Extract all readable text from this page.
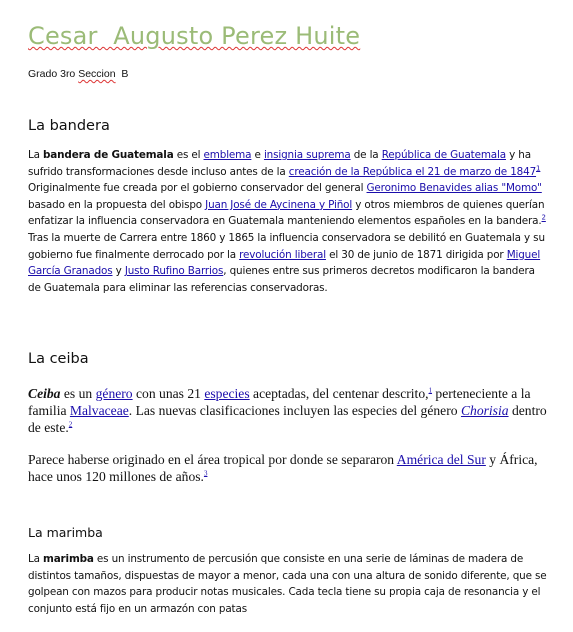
Cesar  Augusto Perez Huite
Grado 3ro Seccion  B
La bandera
La bandera de Guatemala es el emblema e insignia suprema de la República de Guatemala y ha sufrido transformaciones desde incluso antes de la creación de la República el 21 de marzo de 1847$^1$ Originalmente fue creada por el gobierno conservador del general Geronimo Benavides alias "Momo" basado en la propuesta del obispo Juan José de Aycinena y Piñol y otros miembros de quienes querían enfatizar la influencia conservadora en Guatemala manteniendo elementos españoles en la bandera.$^2$ Tras la muerte de Carrera entre 1860 y 1865 la influencia conservadora se debilitó en Guatemala y su gobierno fue finalmente derrocado por la revolución liberal el 30 de junio de 1871 dirigida por Miguel García Granados y Justo Rufino Barrios, quienes entre sus primeros decretos modificaron la bandera de Guatemala para eliminar las referencias conservadoras.
La ceiba
Ceiba es un género con unas 21 especies aceptadas, del centenar descrito,$^1$ perteneciente a la familia Malvaceae. Las nuevas clasificaciones incluyen las especies del género Chorisia dentro de este.$^2$
Parece haberse originado en el área tropical por donde se separaron América del Sur y África, hace unos 120 millones de años.$^3$
La marimba
La marimba es un instrumento de percusión que consiste en una serie de láminas de madera de distintos tamaños, dispuestas de mayor a menor, cada una con una altura de sonido diferente, que se golpean con mazos para producir notas musicales. Cada tecla tiene su propia caja de resonancia y el conjunto está fijo en un armazón con patas
